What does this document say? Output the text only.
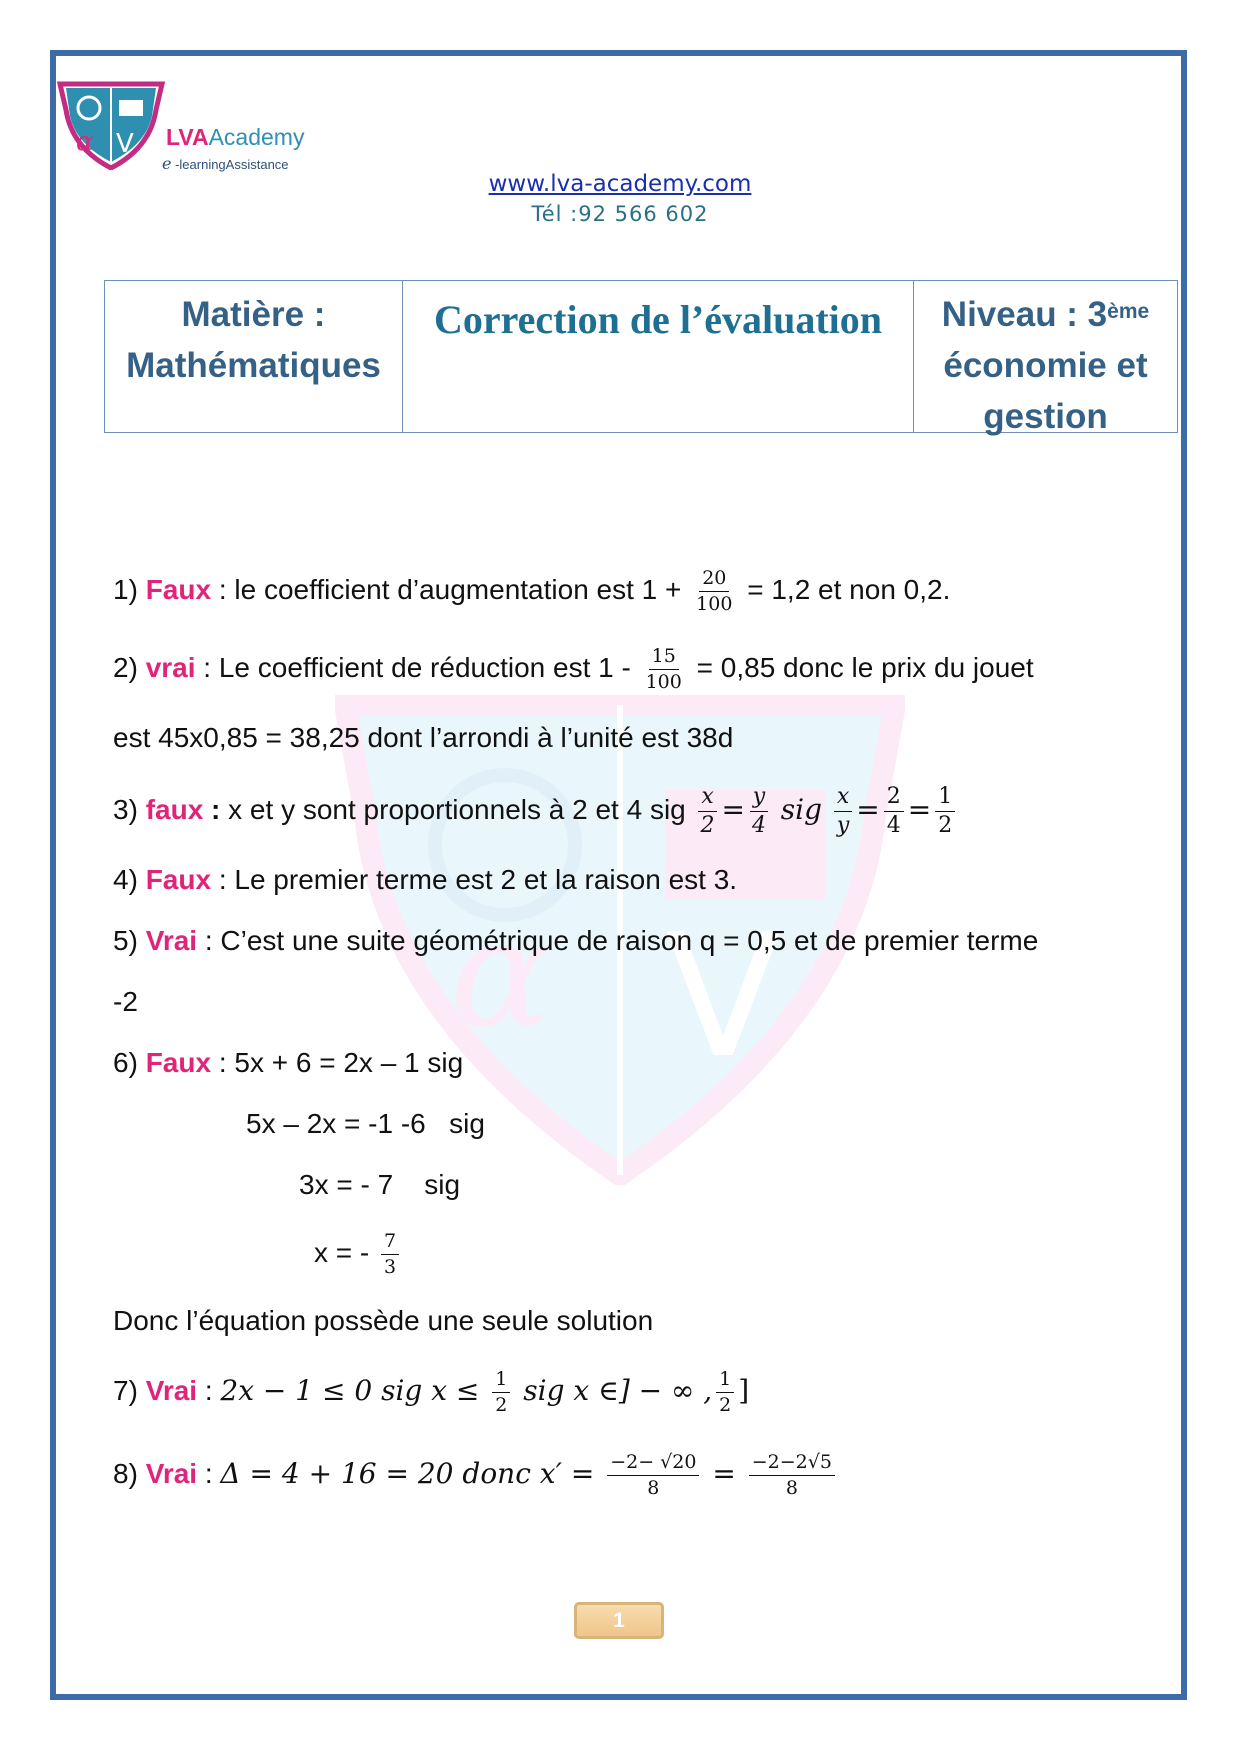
α V
α V LVAAcademy
e -learningAssistance
www.lva-academy.com
Tél :92 566 602
Matière :
Mathématiques
Correction de l’évaluation	Niveau : 3ème
économie et
gestion
1) Faux : le coefficient d’augmentation est $1 + \frac{20}{100} = 1,2$ et non 0,2.
2) vrai : Le coefficient de réduction est $1 - \frac{15}{100} = 0,85$ donc le prix du jouet
est 45x0,85 = 38,25 dont l’arrondi à l’unité est 38d
3) faux : x et y sont proportionnels à 2 et 4 sig $\frac{x}{2} = \frac{y}{4}$ sig $\frac{x}{y} = \frac{2}{4} = \frac{1}{2}$
4) Faux : Le premier terme est 2 et la raison est 3.
5) Vrai : C’est une suite géométrique de raison q = 0,5 et de premier terme
-2
6) Faux : 5x + 6 = 2x – 1 sig
5x – 2x = -1 -6   sig
3x = - 7    sig
x = - $\frac{7}{3}$
Donc l’équation possède une seule solution
7) Vrai : 2x − 1 ≤ 0 sig $x \le \frac{1}{2}$ sig x ∈] − ∞ , $\frac{1}{2}$ ]
8) Vrai : Δ = 4 + 16 = 20 donc $x' = \frac{-2- √20}{8} = \frac{-2-2√5}{8}$
1
